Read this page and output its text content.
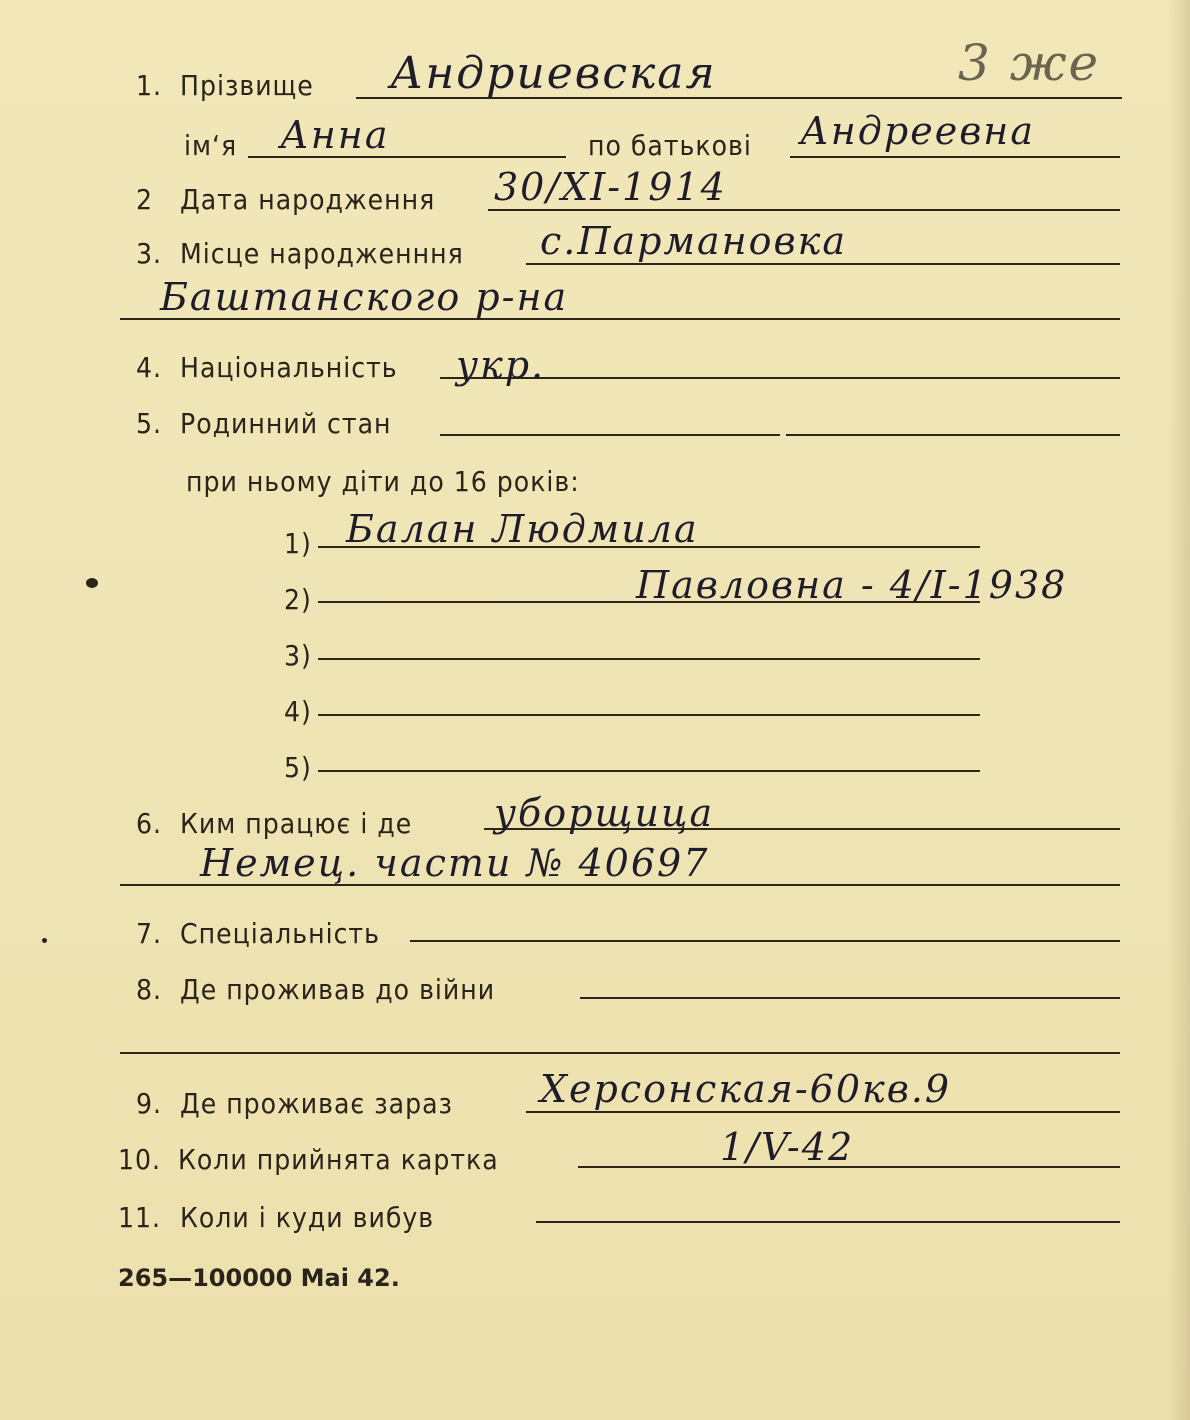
1. Прізвище Андриевская	3 же
ім‘я Анна	по батькові Андреевна
2 Дата народження 30/XI-1914
3. Місце народженння с.Пармановка
Баштанского р-на
4. Національність укр.
5. Родинний стан
при ньому діти до 16 років:
1) Балан Людмила
2)	Павловна - 4/I-1938
3)
4)
5)
6. Ким працює і де уборщица
Немец. части № 40697
7. Спеціальність
8. Де проживав до війни
9. Де проживає зараз Херсонская-60кв.9
10. Коли прийнята картка	1/V-42
11. Коли і куди вибув
265—100000 Mai 42.
